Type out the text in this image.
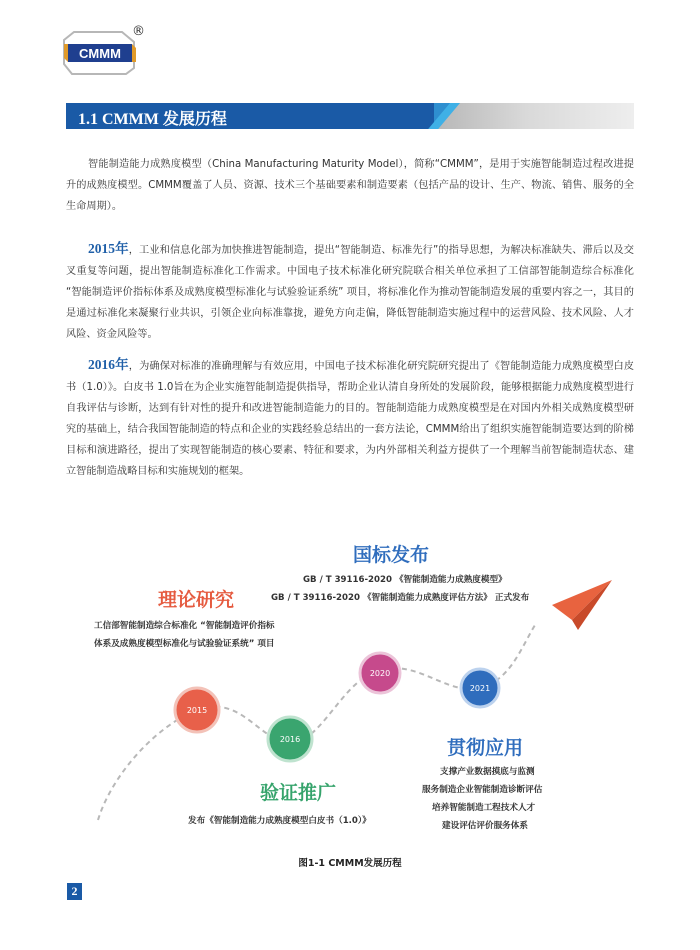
CMMM
®
1.1 CMMM 发展历程
智能制造能力成熟度模型（China Manufacturing Maturity Model），简称“CMMM”，是用于实施智能制造过程改进提升的成熟度模型。CMMM覆盖了人员、资源、技术三个基础要素和制造要素（包括产品的设计、生产、物流、销售、服务的全生命周期）。
2015年，工业和信息化部为加快推进智能制造，提出“智能制造、标准先行”的指导思想，为解决标准缺失、滞后以及交叉重复等问题，提出智能制造标准化工作需求。中国电子技术标准化研究院联合相关单位承担了工信部智能制造综合标准化 “智能制造评价指标体系及成熟度模型标准化与试验验证系统” 项目，将标准化作为推动智能制造发展的重要内容之一，其目的是通过标准化来凝聚行业共识，引领企业向标准靠拢，避免方向走偏，降低智能制造实施过程中的运营风险、技术风险、人才风险、资金风险等。
2016年，为确保对标准的准确理解与有效应用，中国电子技术标准化研究院研究提出了《智能制造能力成熟度模型白皮书（1.0）》。白皮书 1.0旨在为企业实施智能制造提供指导，帮助企业认清自身所处的发展阶段，能够根据能力成熟度模型进行自我评估与诊断，达到有针对性的提升和改进智能制造能力的目的。智能制造能力成熟度模型是在对国内外相关成熟度模型研究的基础上，结合我国智能制造的特点和企业的实践经验总结出的一套方法论，CMMM给出了组织实施智能制造要达到的阶梯目标和演进路径，提出了实现智能制造的核心要素、特征和要求，为内外部相关利益方提供了一个理解当前智能制造状态、建立智能制造战略目标和实施规划的框架。
2015
2016
2020
2021
国标发布
GB / T 39116-2020 《智能制造能力成熟度模型》
GB / T 39116-2020 《智能制造能力成熟度评估方法》 正式发布
理论研究
工信部智能制造综合标准化 “智能制造评价指标
体系及成熟度模型标准化与试验验证系统” 项目
贯彻应用
支撑产业数据摸底与监测
服务制造企业智能制造诊断评估
培养智能制造工程技术人才
建设评估评价服务体系
验证推广
发布《智能制造能力成熟度模型白皮书（1.0）》
图1-1 CMMM发展历程
2
